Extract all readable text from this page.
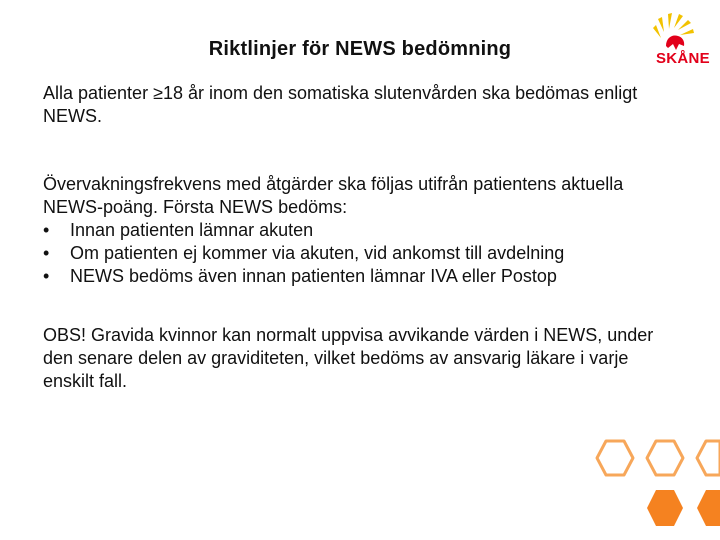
Riktlinjer för NEWS bedömning	SKÅNE

Alla patienter ≥18 år inom den somatiska slutenvården ska bedömas enligt NEWS.

Övervakningsfrekvens med åtgärder ska följas utifrån patientens aktuella NEWS-poäng. Första NEWS bedöms:

• Innan patienten lämnar akuten
• Om patienten ej kommer via akuten, vid ankomst till avdelning
• NEWS bedöms även innan patienten lämnar IVA eller Postop

OBS! Gravida kvinnor kan normalt uppvisa avvikande värden i NEWS, under den senare delen av graviditeten, vilket bedöms av ansvarig läkare i varje enskilt fall.
